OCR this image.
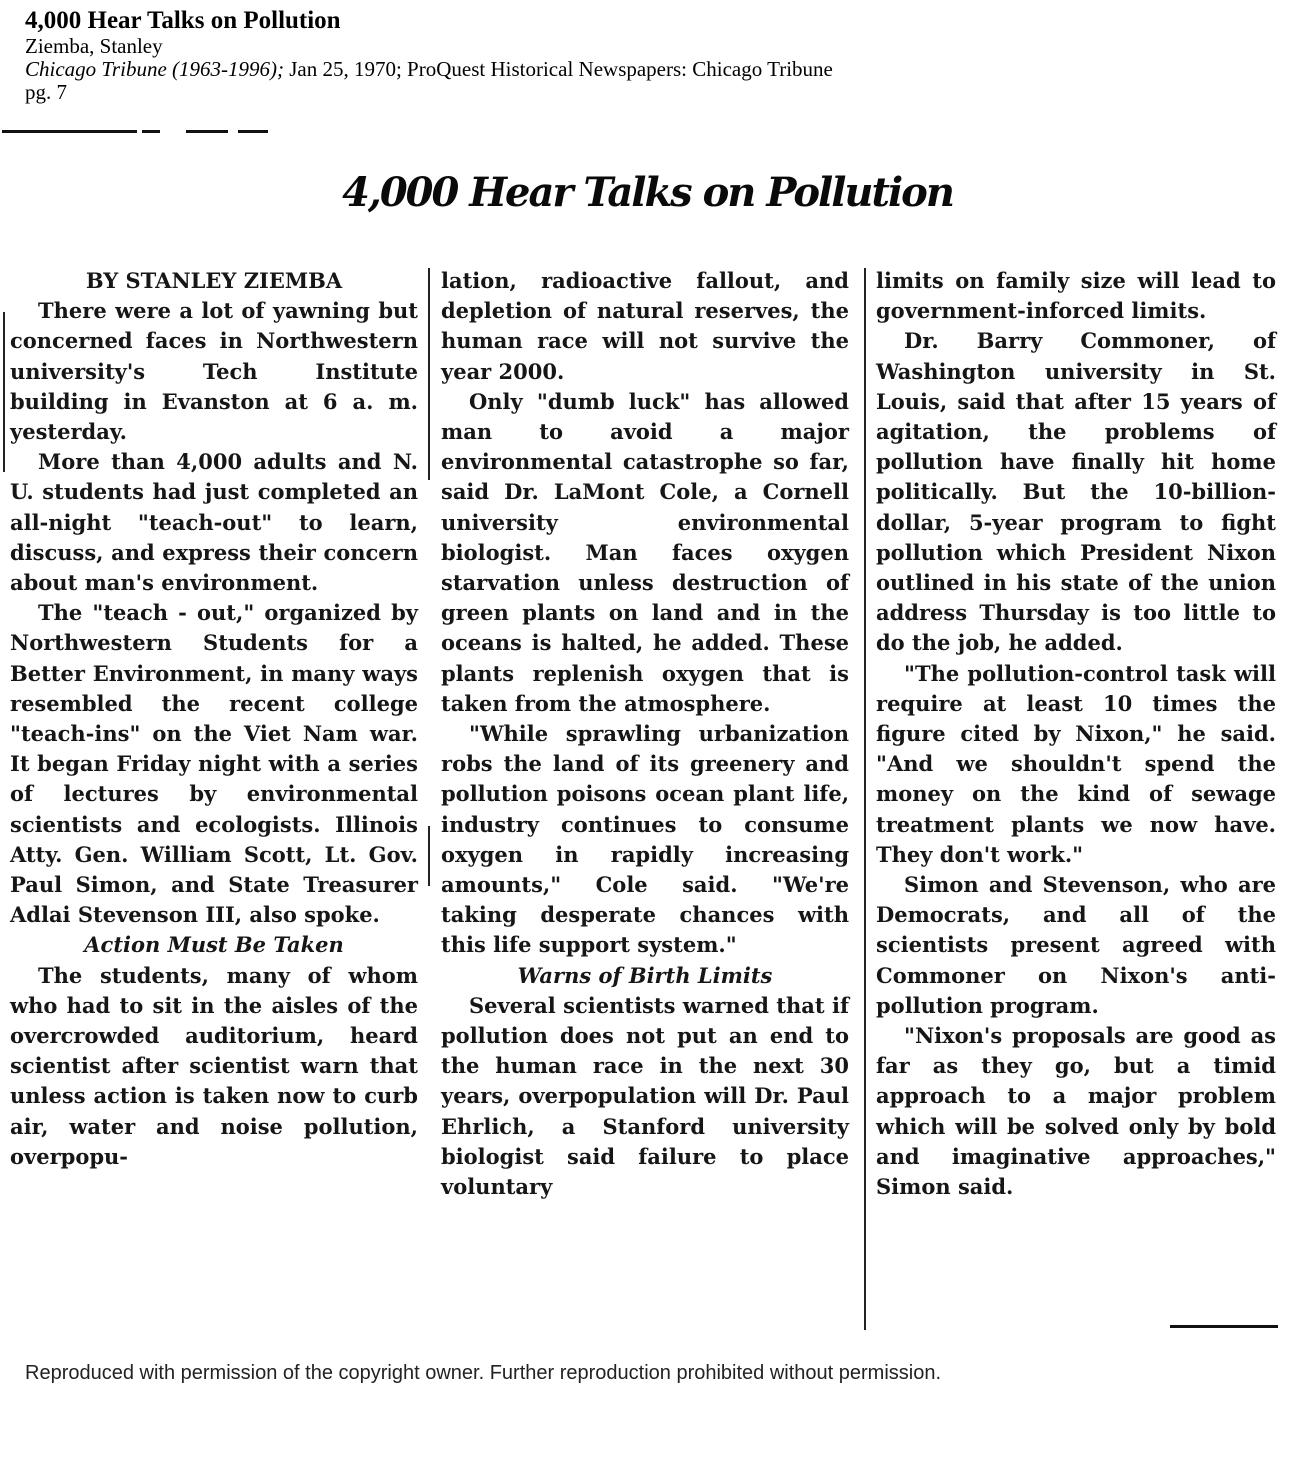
4,000 Hear Talks on Pollution

Ziemba, Stanley

Chicago Tribune (1963-1996); Jan 25, 1970; ProQuest Historical Newspapers: Chicago Tribune

pg. 7

4,000 Hear Talks on Pollution

BY STANLEY ZIEMBA

There were a lot of yawning but concerned faces in Northwestern university's Tech Institute building in Evanston at 6 a. m. yesterday.

More than 4,000 adults and N. U. students had just completed an all-night "teach-out" to learn, discuss, and express their concern about man's environment.

The "teach - out," organized by Northwestern Students for a Better Environment, in many ways resembled the recent college "teach-ins" on the Viet Nam war. It began Friday night with a series of lectures by environmental scientists and ecologists. Illinois Atty. Gen. William Scott, Lt. Gov. Paul Simon, and State Treasurer Adlai Stevenson III, also spoke.

Action Must Be Taken

The students, many of whom who had to sit in the aisles of the overcrowded auditorium, heard scientist after scientist warn that unless action is taken now to curb air, water and noise pollution, overpopu-

lation, radioactive fallout, and depletion of natural reserves, the human race will not survive the year 2000.

Only "dumb luck" has allowed man to avoid a major environmental catastrophe so far, said Dr. LaMont Cole, a Cornell university environmental biologist. Man faces oxygen starvation unless destruction of green plants on land and in the oceans is halted, he added. These plants replenish oxygen that is taken from the atmosphere.

"While sprawling urbanization robs the land of its greenery and pollution poisons ocean plant life, industry continues to consume oxygen in rapidly increasing amounts," Cole said. "We're taking desperate chances with this life support system."

Warns of Birth Limits

Several scientists warned that if pollution does not put an end to the human race in the next 30 years, overpopulation will Dr. Paul Ehrlich, a Stanford university biologist said failure to place voluntary

limits on family size will lead to government-inforced limits.

Dr. Barry Commoner, of Washington university in St. Louis, said that after 15 years of agitation, the problems of pollution have finally hit home politically. But the 10-billion-dollar, 5-year program to fight pollution which President Nixon outlined in his state of the union address Thursday is too little to do the job, he added.

"The pollution-control task will require at least 10 times the figure cited by Nixon," he said. "And we shouldn't spend the money on the kind of sewage treatment plants we now have. They don't work."

Simon and Stevenson, who are Democrats, and all of the scientists present agreed with Commoner on Nixon's anti-pollution program.

"Nixon's proposals are good as far as they go, but a timid approach to a major problem which will be solved only by bold and imaginative approaches," Simon said.

Reproduced with permission of the copyright owner. Further reproduction prohibited without permission.
